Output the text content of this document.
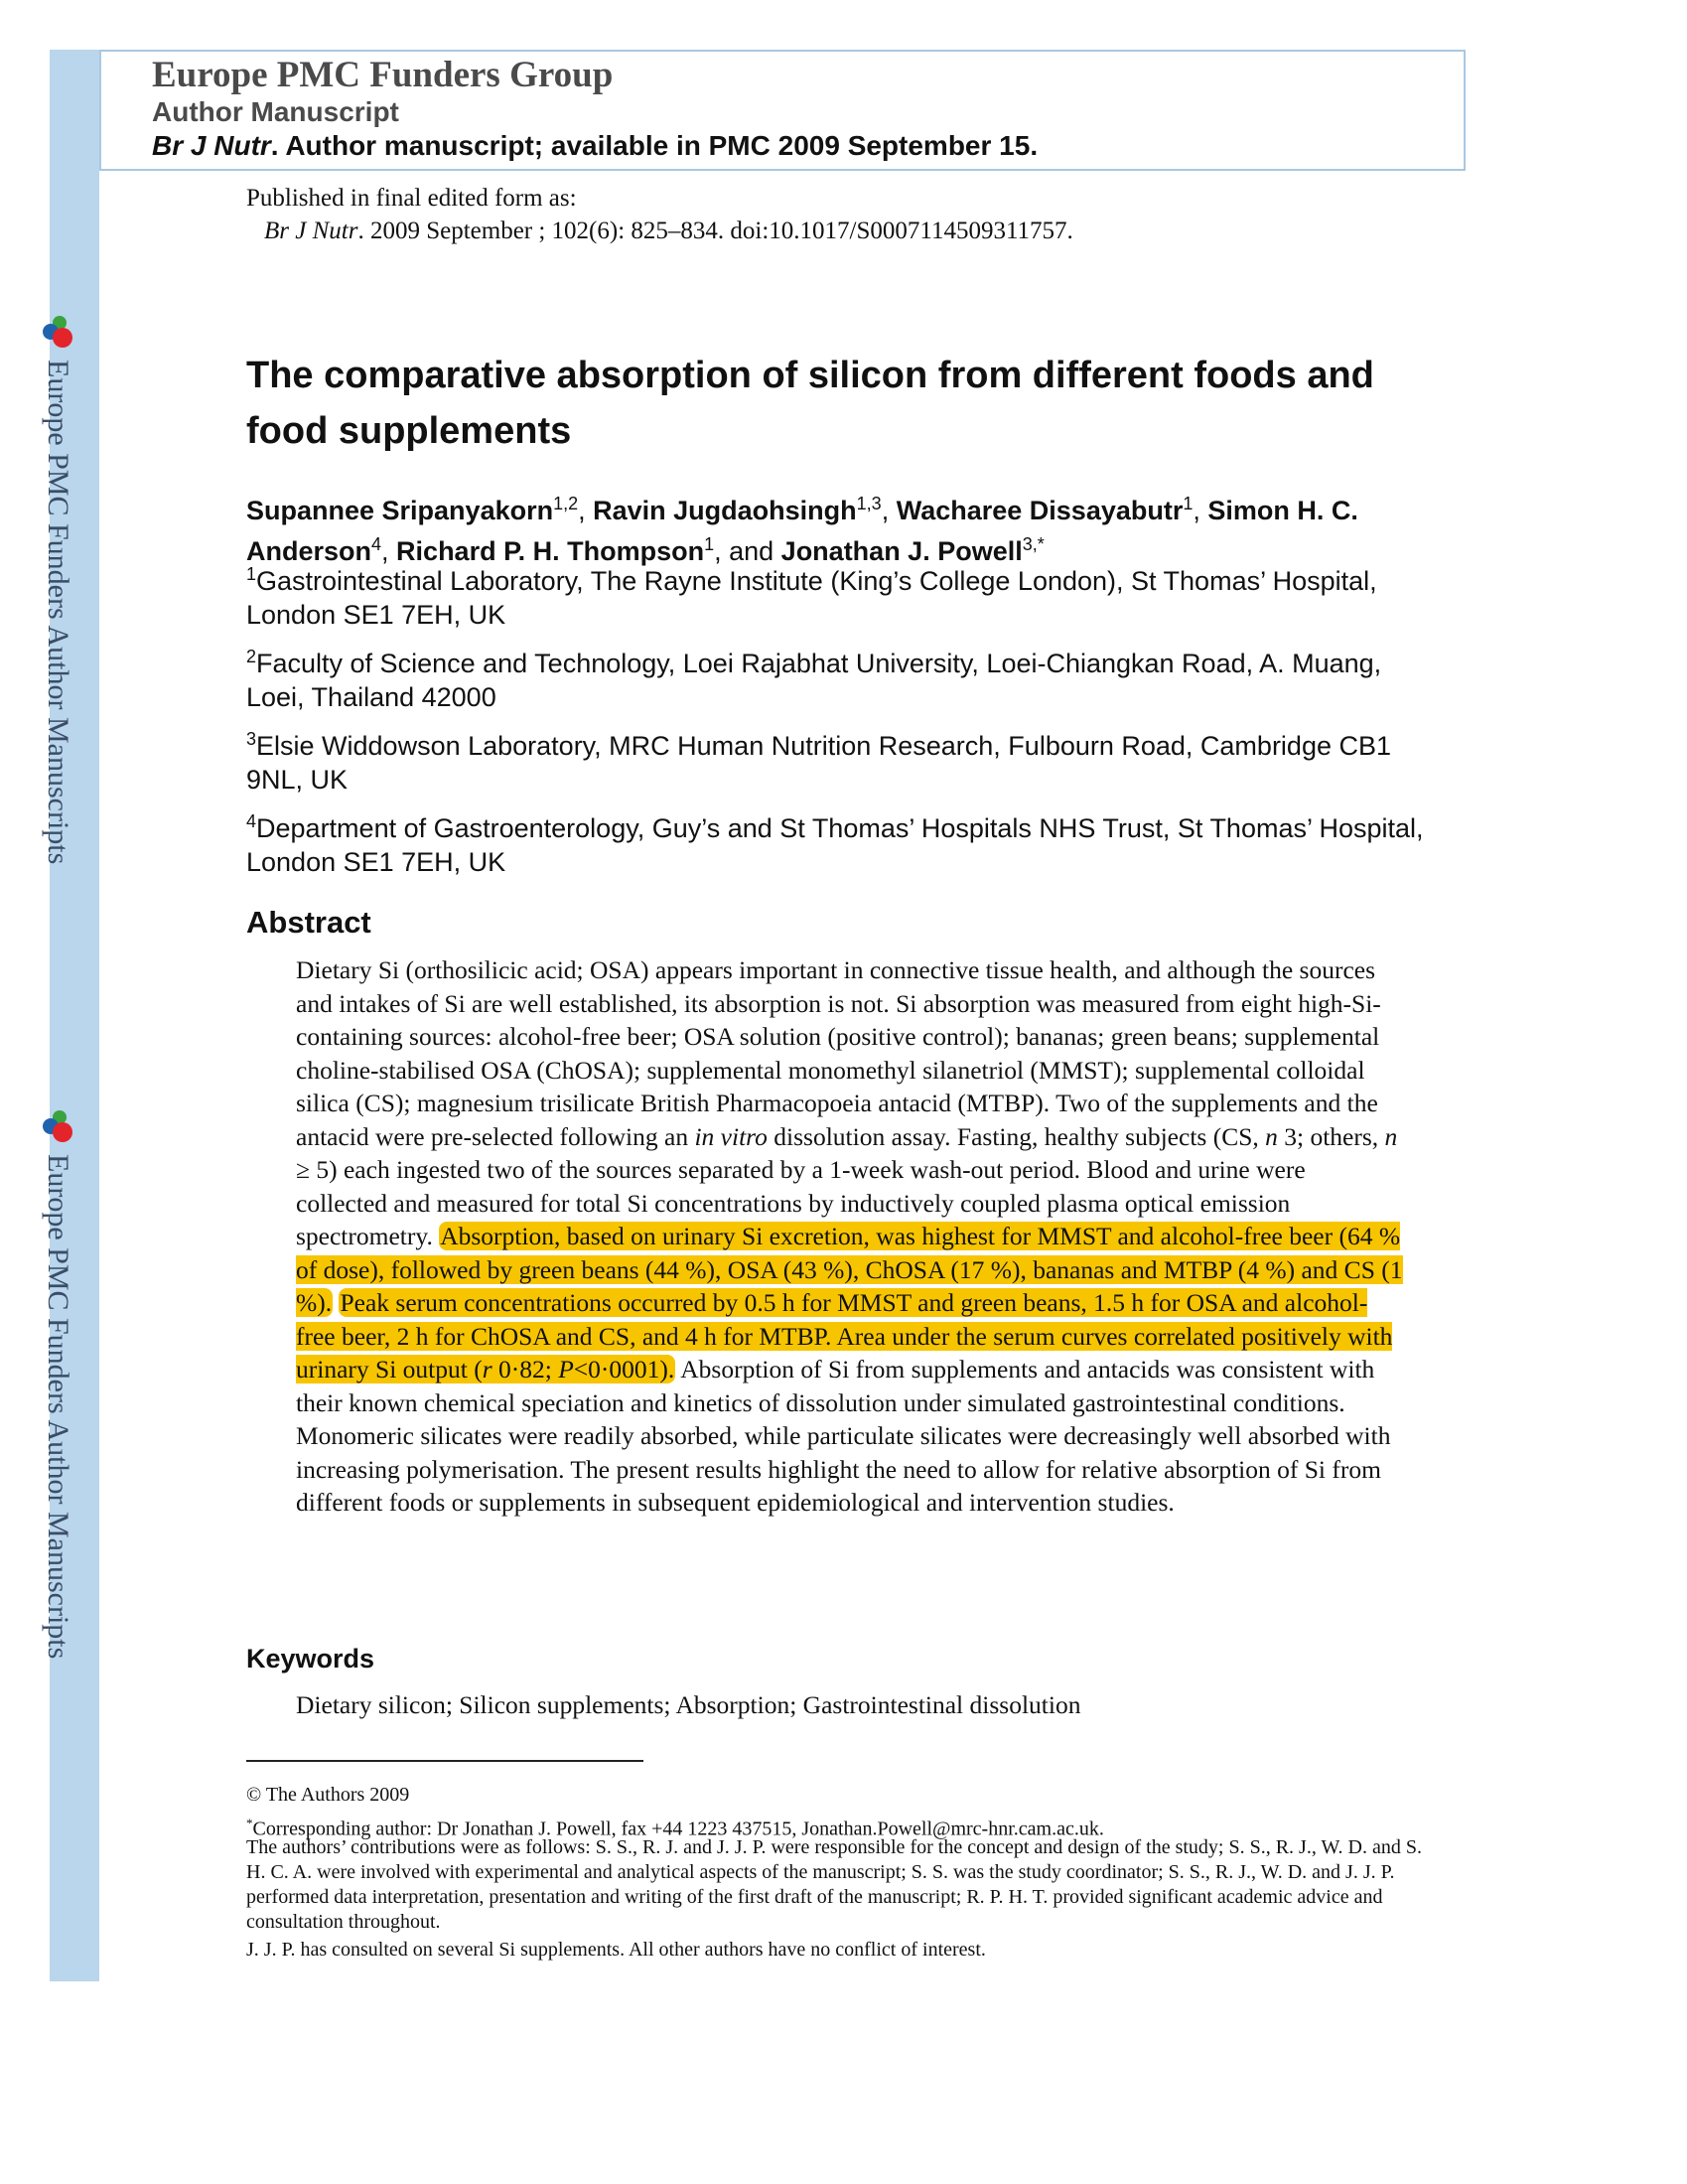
Europe PMC Funders Author Manuscripts
Europe PMC Funders Author Manuscripts
Europe PMC Funders Group
Author Manuscript
Br J Nutr. Author manuscript; available in PMC 2009 September 15.
Published in final edited form as:
Br J Nutr. 2009 September ; 102(6): 825–834. doi:10.1017/S0007114509311757.
The comparative absorption of silicon from different foods and food supplements
Supannee Sripanyakorn$^{1,2}$, Ravin Jugdaohsingh$^{1,3}$, Wacharee Dissayabutr$^1$, Simon H. C. Anderson$^4$, Richard P. H. Thompson$^1$, and Jonathan J. Powell$^{3,*}$
$^1$Gastrointestinal Laboratory, The Rayne Institute (King’s College London), St Thomas’ Hospital, London SE1 7EH, UK
$^2$Faculty of Science and Technology, Loei Rajabhat University, Loei-Chiangkan Road, A. Muang, Loei, Thailand 42000
$^3$Elsie Widdowson Laboratory, MRC Human Nutrition Research, Fulbourn Road, Cambridge CB1 9NL, UK
$^4$Department of Gastroenterology, Guy’s and St Thomas’ Hospitals NHS Trust, St Thomas’ Hospital, London SE1 7EH, UK
Abstract
Dietary Si (orthosilicic acid; OSA) appears important in connective tissue health, and although the sources and intakes of Si are well established, its absorption is not. Si absorption was measured from eight high-Si-containing sources: alcohol-free beer; OSA solution (positive control); bananas; green beans; supplemental choline-stabilised OSA (ChOSA); supplemental monomethyl silanetriol (MMST); supplemental colloidal silica (CS); magnesium trisilicate British Pharmacopoeia antacid (MTBP). Two of the supplements and the antacid were pre-selected following an in vitro dissolution assay. Fasting, healthy subjects (CS, n 3; others, n ≥ 5) each ingested two of the sources separated by a 1-week wash-out period. Blood and urine were collected and measured for total Si concentrations by inductively coupled plasma optical emission spectrometry. Absorption, based on urinary Si excretion, was highest for MMST and alcohol-free beer (64 % of dose), followed by green beans (44 %), OSA (43 %), ChOSA (17 %), bananas and MTBP (4 %) and CS (1 %). Peak serum concentrations occurred by 0.5 h for MMST and green beans, 1.5 h for OSA and alcohol-free beer, 2 h for ChOSA and CS, and 4 h for MTBP. Area under the serum curves correlated positively with urinary Si output (r 0·82; P<0·0001). Absorption of Si from supplements and antacids was consistent with their known chemical speciation and kinetics of dissolution under simulated gastrointestinal conditions. Monomeric silicates were readily absorbed, while particulate silicates were decreasingly well absorbed with increasing polymerisation. The present results highlight the need to allow for relative absorption of Si from different foods or supplements in subsequent epidemiological and intervention studies.
Keywords
Dietary silicon; Silicon supplements; Absorption; Gastrointestinal dissolution
© The Authors 2009
*Corresponding author: Dr Jonathan J. Powell, fax +44 1223 437515, Jonathan.Powell@mrc-hnr.cam.ac.uk.
The authors’ contributions were as follows: S. S., R. J. and J. J. P. were responsible for the concept and design of the study; S. S., R. J., W. D. and S. H. C. A. were involved with experimental and analytical aspects of the manuscript; S. S. was the study coordinator; S. S., R. J., W. D. and J. J. P. performed data interpretation, presentation and writing of the first draft of the manuscript; R. P. H. T. provided significant academic advice and consultation throughout.
J. J. P. has consulted on several Si supplements. All other authors have no conflict of interest.
